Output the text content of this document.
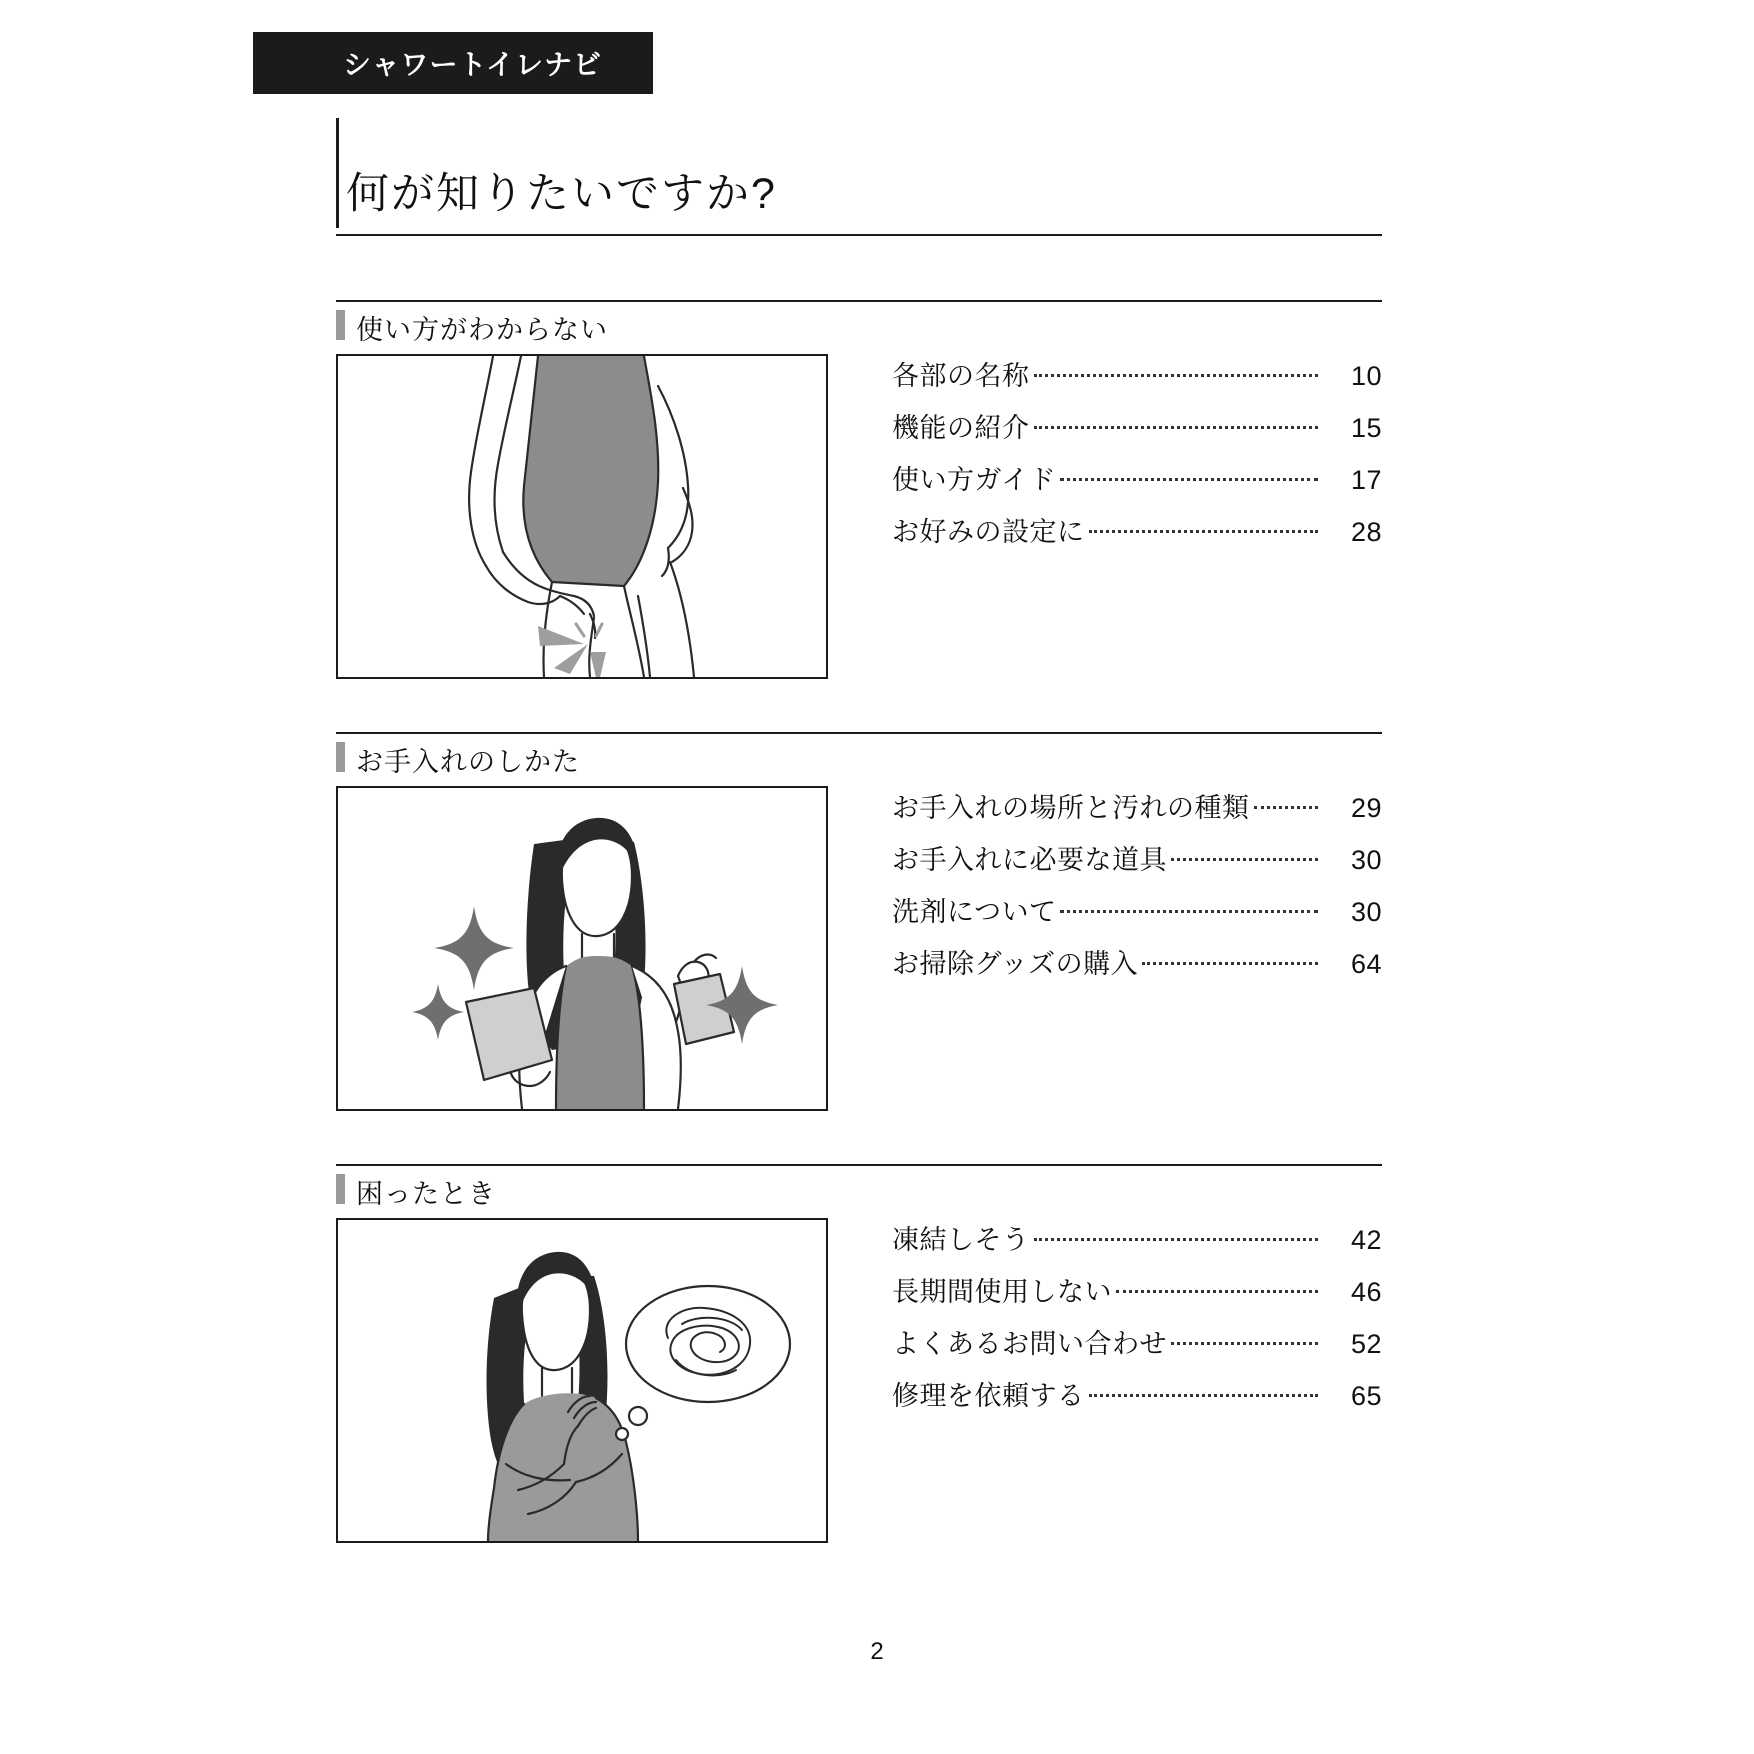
シャワートイレナビ
何が知りたいですか?
使い方がわからない
各部の名称	10
機能の紹介	15
使い方ガイド	17
お好みの設定に	28
お手入れのしかた
お手入れの場所と汚れの種類	29
お手入れに必要な道具	30
洗剤について	30
お掃除グッズの購入	64
困ったとき
凍結しそう	42
長期間使用しない	46
よくあるお問い合わせ	52
修理を依頼する	65
2
